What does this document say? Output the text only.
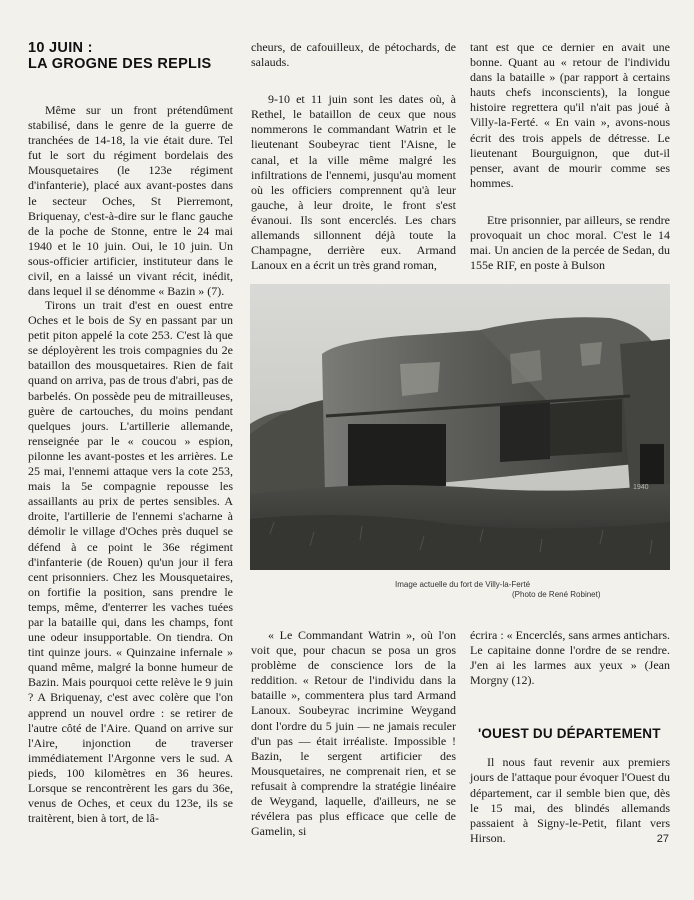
10 JUIN :
LA GROGNE DES REPLIS

Même sur un front prétendûment stabilisé, dans le genre de la guerre de tranchées de 14-18, la vie était dure. Tel fut le sort du régiment bordelais des Mousquetaires (le 123e régiment d'infanterie), placé aux avant-postes dans le secteur Oches, St Pierremont, Briquenay, c'est-à-dire sur le flanc gauche de la poche de Stonne, entre le 24 mai 1940 et le 10 juin. Oui, le 10 juin. Un sous-officier artificier, instituteur dans le civil, en a laissé un vivant récit, inédit, dans lequel il se dénomme « Bazin » (7).

Tirons un trait d'est en ouest entre Oches et le bois de Sy en passant par un petit piton appelé la cote 253. C'est là que se déployèrent les trois compagnies du 2e bataillon des mousquetaires. Rien de fait quand on arriva, pas de trous d'abri, pas de barbelés. On possède peu de mitrailleuses, guère de cartouches, du moins pendant quelques jours. L'artillerie allemande, renseignée par le « coucou » espion, pilonne les avant-postes et les arrières. Le 25 mai, l'ennemi attaque vers la cote 253, mais la 5e compagnie repousse les assaillants au prix de pertes sensibles. A droite, l'artillerie de l'ennemi s'acharne à démolir le village d'Oches près duquel se défend à ce point le 36e régiment d'infanterie (de Rouen) qu'un jour il fera cent prisonniers. Chez les Mousquetaires, on fortifie la position, sans prendre le temps, même, d'enterrer les vaches tuées par la bataille qui, dans les champs, font une odeur insupportable. On tiendra. On tint quinze jours. « Quinzaine infernale » quand même, malgré la bonne humeur de Bazin. Mais pourquoi cette relève le 9 juin ? A Briquenay, c'est avec colère que l'on apprend un nouvel ordre : se retirer de l'autre côté de l'Aire. Quand on arrive sur l'Aire, injonction de traverser immédiatement l'Argonne vers le sud. A pieds, 100 kilomètres en 36 heures. Lorsque se rencontrèrent les gars du 36e, venus de Oches, et ceux du 123e, ils se traitèrent, bien à tort, de lâ-

cheurs, de cafouilleux, de pétochards, de salauds.

9-10 et 11 juin sont les dates où, à Rethel, le bataillon de ceux que nous nommerons le commandant Watrin et le lieutenant Soubeyrac tient l'Aisne, le canal, et la ville même malgré les infiltrations de l'ennemi, jusqu'au moment où les officiers comprennent qu'à leur gauche, à leur droite, le front s'est évanoui. Ils sont encerclés. Les chars allemands sillonnent déjà toute la Champagne, derrière eux. Armand Lanoux en a écrit un très grand roman,

tant est que ce dernier en avait une bonne. Quant au « retour de l'individu dans la bataille » (par rapport à certains hauts chefs inconscients), la longue histoire regrettera qu'il n'ait pas joué à Villy-la-Ferté. « En vain », avons-nous écrit des trois appels de détresse. Le lieutenant Bourguignon, que dut-il penser, avant de mourir comme ses hommes.

Etre prisonnier, par ailleurs, se rendre provoquait un choc moral. C'est le 14 mai. Un ancien de la percée de Sedan, du 155e RIF, en poste à Bulson

1940
Image actuelle du fort de Villy-la-Ferté
(Photo de René Robinet)

« Le Commandant Watrin », où l'on voit que, pour chacun se posa un gros problème de conscience lors de la reddition. « Retour de l'individu dans la bataille », commentera plus tard Armand Lanoux. Soubeyrac incrimine Weygand dont l'ordre du 5 juin — ne jamais reculer d'un pas — était irréaliste. Impossible ! Bazin, le sergent artificier des Mousquetaires, ne comprenait rien, et se refusait à comprendre la stratégie linéaire de Weygand, laquelle, d'ailleurs, ne se révélera pas plus efficace que celle de Gamelin, si

écrira : « Encerclés, sans armes antichars. Le capitaine donne l'ordre de se rendre. J'en ai les larmes aux yeux » (Jean Morgny (12).

'OUEST DU DÉPARTEMENT

Il nous faut revenir aux premiers jours de l'attaque pour évoquer l'Ouest du département, car il semble bien que, dès le 15 mai, des blindés allemands passaient à Signy-le-Petit, filant vers Hirson.	27
